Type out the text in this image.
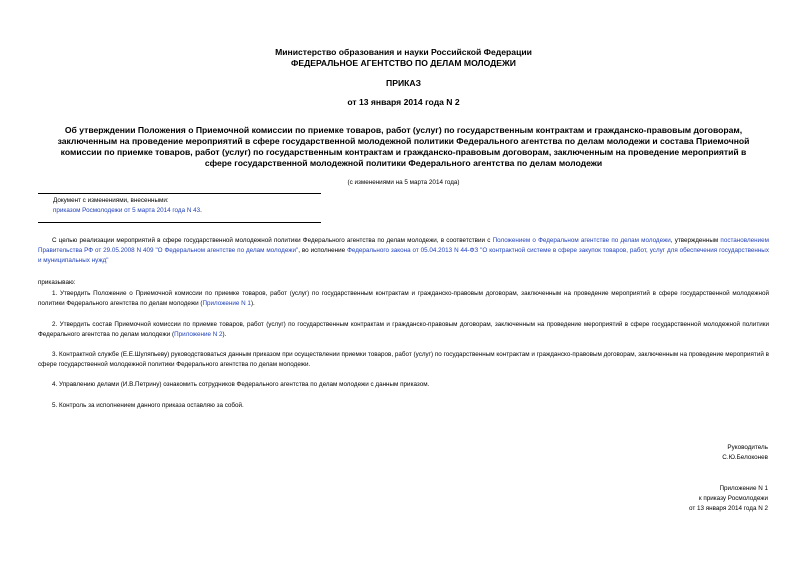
Министерство образования и науки Российской Федерации
ФЕДЕРАЛЬНОЕ АГЕНТСТВО ПО ДЕЛАМ МОЛОДЕЖИ
ПРИКАЗ
от 13 января 2014 года N 2
Об утверждении Положения о Приемочной комиссии по приемке товаров, работ (услуг) по государственным контрактам и гражданско-правовым договорам,
заключенным на проведение мероприятий в сфере государственной молодежной политики Федерального агентства по делам молодежи и состава Приемочной
комиссии по приемке товаров, работ (услуг) по государственным контрактам и гражданско-правовым договорам, заключенным на проведение мероприятий в
сфере государственной молодежной политики Федерального агентства по делам молодежи
(с изменениями на 5 марта 2014 года)
Документ с изменениями, внесенными:
приказом Росмолодежи от 5 марта 2014 года N 43.
С целью реализации мероприятий в сфере государственной молодежной политики Федерального агентства по делам молодежи, в соответствии с Положением о Федеральном агентстве по делам молодежи, утвержденным постановлением Правительства РФ от 29.05.2008 N 409 "О Федеральном агентстве по делам молодежи", во исполнение Федерального закона от 05.04.2013 N 44-ФЗ "О контрактной системе в сфере закупок товаров, работ, услуг для обеспечения государственных и муниципальных нужд"
приказываю:
1. Утвердить Положение о Приемочной комиссии по приемке товаров, работ (услуг) по государственным контрактам и гражданско-правовым договорам, заключенным на проведение мероприятий в сфере государственной молодежной политики Федерального агентства по делам молодежи (Приложение N 1).
2. Утвердить состав Приемочной комиссии по приемке товаров, работ (услуг) по государственным контрактам и гражданско-правовым договорам, заключенным на проведение мероприятий в сфере государственной молодежной политики Федерального агентства по делам молодежи (Приложение N 2).
3. Контрактной службе (Е.Е.Шуляпьеву) руководствоваться данным приказом при осуществлении приемки товаров, работ (услуг) по государственным контрактам и гражданско-правовым договорам, заключенным на проведение мероприятий в сфере государственной молодежной политики Федерального агентства по делам молодежи.
4. Управлению делами (И.В.Петрину) ознакомить сотрудников Федерального агентства по делам молодежи с данным приказом.
5. Контроль за исполнением данного приказа оставляю за собой.
Руководитель
С.Ю.Белоконев
Приложение N 1
к приказу Росмолодежи
от 13 января 2014 года N 2
